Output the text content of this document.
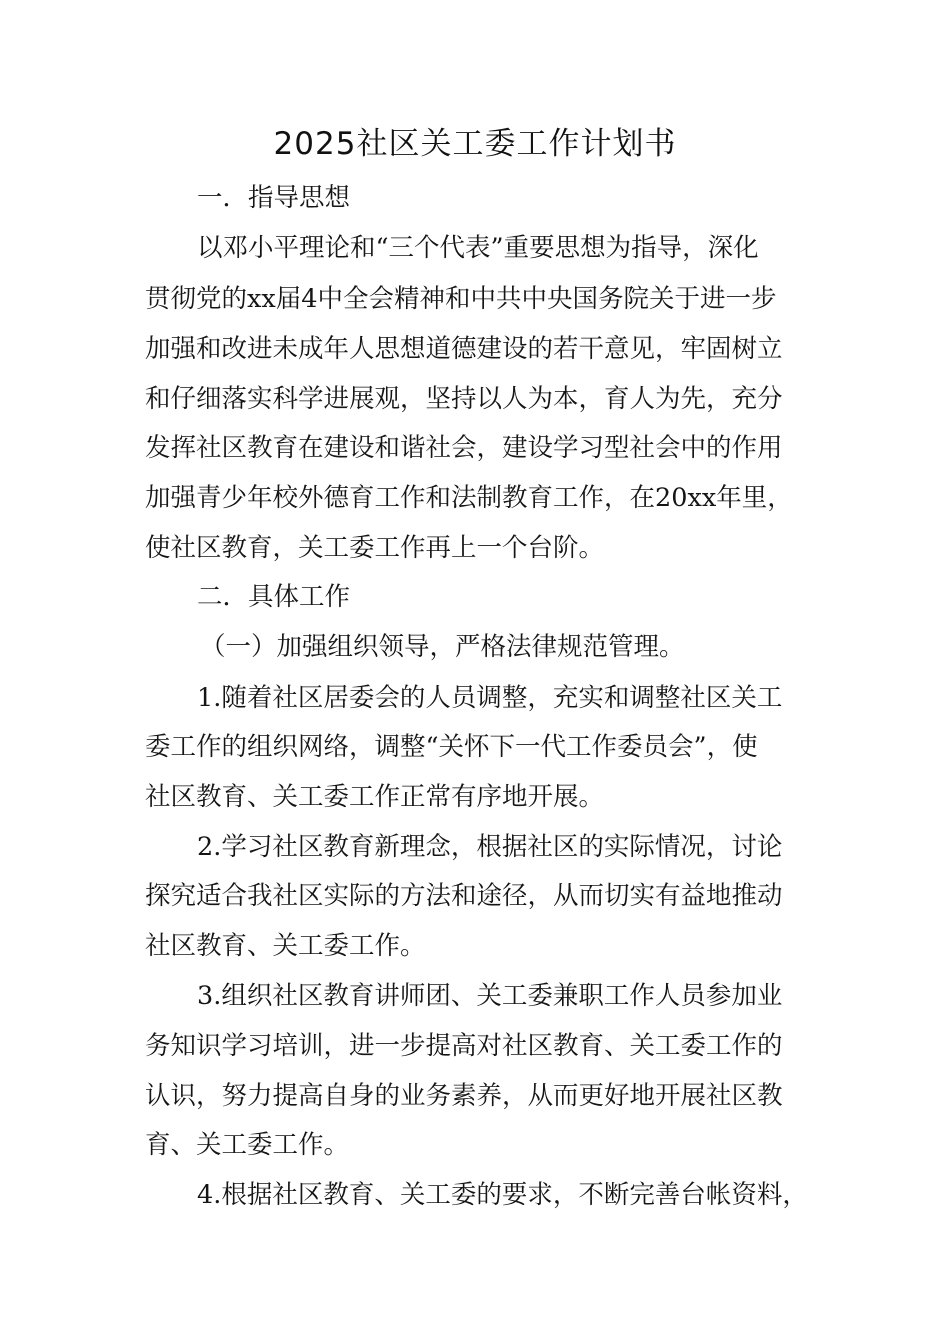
2025社区关工委工作计划书
一．指导思想
以邓小平理论和“三个代表”重要思想为指导，深化
贯彻党的xx届4中全会精神和中共中央国务院关于进一步
加强和改进未成年人思想道德建设的若干意见，牢固树立
和仔细落实科学进展观，坚持以人为本，育人为先，充分
发挥社区教育在建设和谐社会，建设学习型社会中的作用
加强青少年校外德育工作和法制教育工作，在20xx年里，
使社区教育，关工委工作再上一个台阶。
二．具体工作
（一）加强组织领导，严格法律规范管理。
1.随着社区居委会的人员调整，充实和调整社区关工
委工作的组织网络，调整“关怀下一代工作委员会”，使
社区教育、关工委工作正常有序地开展。
2.学习社区教育新理念，根据社区的实际情况，讨论
探究适合我社区实际的方法和途径，从而切实有益地推动
社区教育、关工委工作。
3.组织社区教育讲师团、关工委兼职工作人员参加业
务知识学习培训，进一步提高对社区教育、关工委工作的
认识，努力提高自身的业务素养，从而更好地开展社区教
育、关工委工作。
4.根据社区教育、关工委的要求，不断完善台帐资料，
